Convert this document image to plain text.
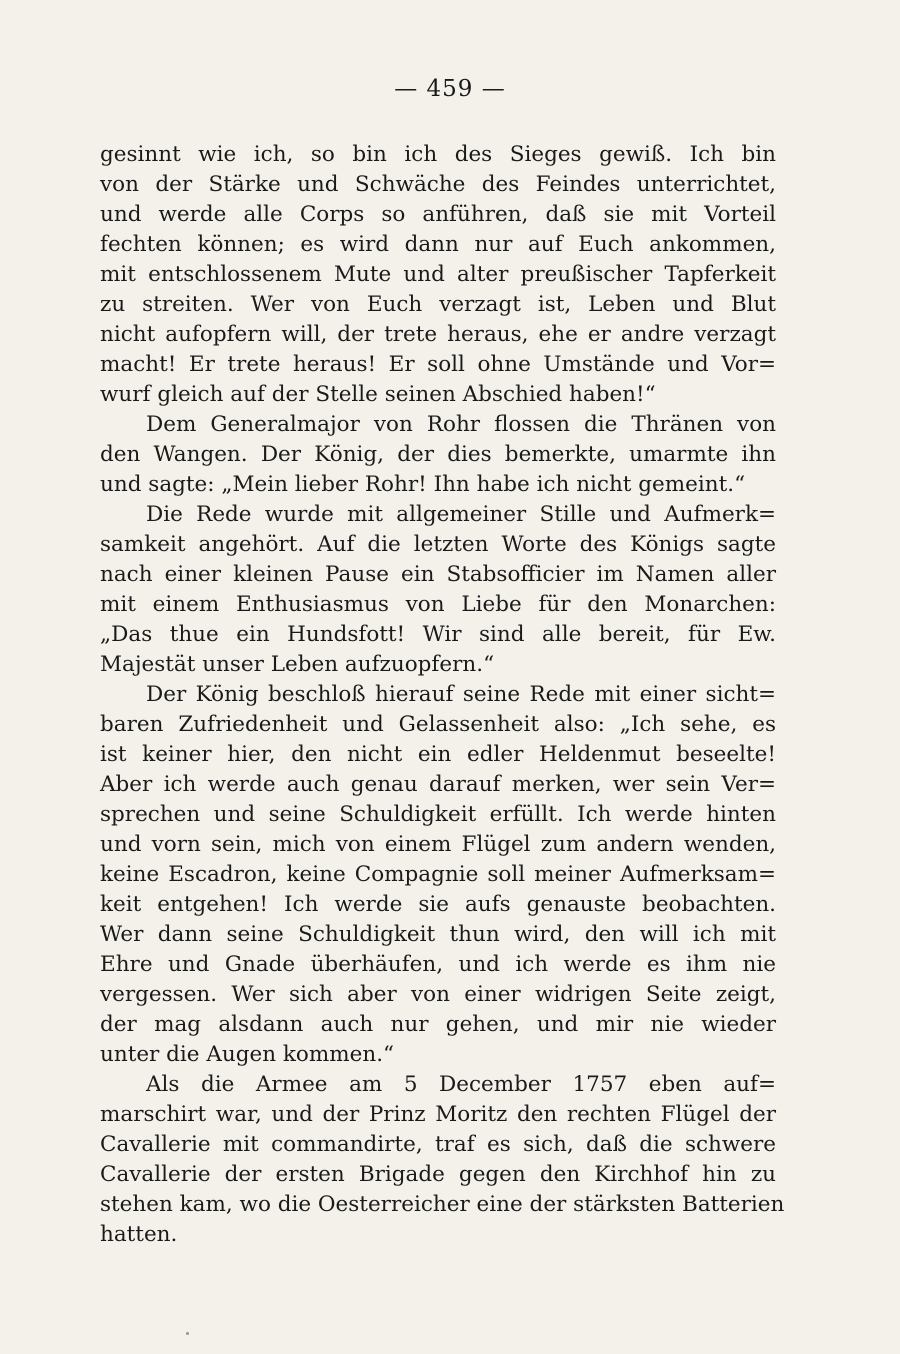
— 459 —
gesinnt wie ich, so bin ich des Sieges gewiß. Ich bin
von der Stärke und Schwäche des Feindes unterrichtet,
und werde alle Corps so anführen, daß sie mit Vorteil
fechten können; es wird dann nur auf Euch ankommen,
mit entschlossenem Mute und alter preußischer Tapferkeit
zu streiten. Wer von Euch verzagt ist, Leben und Blut
nicht aufopfern will, der trete heraus, ehe er andre verzagt
macht! Er trete heraus! Er soll ohne Umstände und Vor=
wurf gleich auf der Stelle seinen Abschied haben!“
Dem Generalmajor von Rohr flossen die Thränen von
den Wangen. Der König, der dies bemerkte, umarmte ihn
und sagte: „Mein lieber Rohr! Ihn habe ich nicht gemeint.“
Die Rede wurde mit allgemeiner Stille und Aufmerk=
samkeit angehört. Auf die letzten Worte des Königs sagte
nach einer kleinen Pause ein Stabsofficier im Namen aller
mit einem Enthusiasmus von Liebe für den Monarchen:
„Das thue ein Hundsfott! Wir sind alle bereit, für Ew.
Majestät unser Leben aufzuopfern.“
Der König beschloß hierauf seine Rede mit einer sicht=
baren Zufriedenheit und Gelassenheit also: „Ich sehe, es
ist keiner hier, den nicht ein edler Heldenmut beseelte!
Aber ich werde auch genau darauf merken, wer sein Ver=
sprechen und seine Schuldigkeit erfüllt. Ich werde hinten
und vorn sein, mich von einem Flügel zum andern wenden,
keine Escadron, keine Compagnie soll meiner Aufmerksam=
keit entgehen! Ich werde sie aufs genauste beobachten.
Wer dann seine Schuldigkeit thun wird, den will ich mit
Ehre und Gnade überhäufen, und ich werde es ihm nie
vergessen. Wer sich aber von einer widrigen Seite zeigt,
der mag alsdann auch nur gehen, und mir nie wieder
unter die Augen kommen.“
Als die Armee am 5 December 1757 eben auf=
marschirt war, und der Prinz Moritz den rechten Flügel der
Cavallerie mit commandirte, traf es sich, daß die schwere
Cavallerie der ersten Brigade gegen den Kirchhof hin zu
stehen kam, wo die Oesterreicher eine der stärksten Batterien
hatten.
